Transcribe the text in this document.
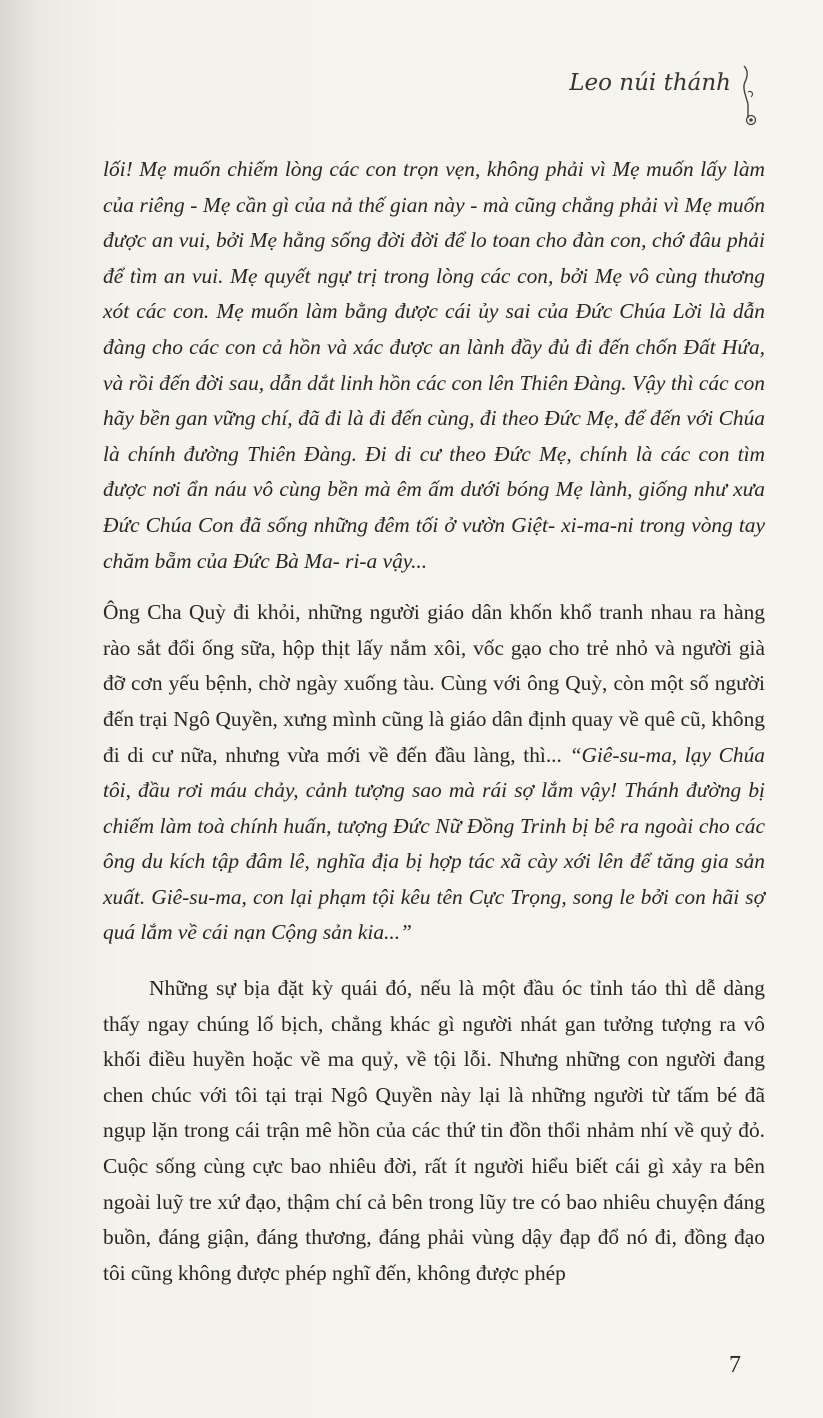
Leo núi thánh

lối! Mẹ muốn chiếm lòng các con trọn vẹn, không phải vì Mẹ muốn lấy làm của riêng - Mẹ cần gì của nả thế gian này - mà cũng chẳng phải vì Mẹ muốn được an vui, bởi Mẹ hằng sống đời đời để lo toan cho đàn con, chớ đâu phải để tìm an vui. Mẹ quyết ngự trị trong lòng các con, bởi Mẹ vô cùng thương xót các con. Mẹ muốn làm bằng được cái ủy sai của Đức Chúa Lời là dẫn đàng cho các con cả hồn và xác được an lành đầy đủ đi đến chốn Đất Hứa, và rồi đến đời sau, dẫn dắt linh hồn các con lên Thiên Đàng. Vậy thì các con hãy bền gan vững chí, đã đi là đi đến cùng, đi theo Đức Mẹ, để đến với Chúa là chính đường Thiên Đàng. Đi di cư theo Đức Mẹ, chính là các con tìm được nơi ẩn náu vô cùng bền mà êm ấm dưới bóng Mẹ lành, giống như xưa Đức Chúa Con đã sống những đêm tối ở vườn Giệt- xi-ma-ni trong vòng tay chăm bẵm của Đức Bà Ma- ri-a vậy...

Ông Cha Quỳ đi khỏi, những người giáo dân khốn khổ tranh nhau ra hàng rào sắt đổi ống sữa, hộp thịt lấy nắm xôi, vốc gạo cho trẻ nhỏ và người già đỡ cơn yếu bệnh, chờ ngày xuống tàu. Cùng với ông Quỳ, còn một số người đến trại Ngô Quyền, xưng mình cũng là giáo dân định quay về quê cũ, không đi di cư nữa, nhưng vừa mới về đến đầu làng, thì... “Giê-su-ma, lạy Chúa tôi, đầu rơi máu chảy, cảnh tượng sao mà rái sợ lắm vậy! Thánh đường bị chiếm làm toà chính huấn, tượng Đức Nữ Đồng Trinh bị bê ra ngoài cho các ông du kích tập đâm lê, nghĩa địa bị hợp tác xã cày xới lên để tăng gia sản xuất. Giê-su-ma, con lại phạm tội kêu tên Cực Trọng, song le bởi con hãi sợ quá lắm về cái nạn Cộng sản kia...”

Những sự bịa đặt kỳ quái đó, nếu là một đầu óc tỉnh táo thì dễ dàng thấy ngay chúng lố bịch, chẳng khác gì người nhát gan tưởng tượng ra vô khối điều huyền hoặc về ma quỷ, về tội lỗi. Nhưng những con người đang chen chúc với tôi tại trại Ngô Quyền này lại là những người từ tấm bé đã ngụp lặn trong cái trận mê hồn của các thứ tin đồn thổi nhảm nhí về quỷ đỏ. Cuộc sống cùng cực bao nhiêu đời, rất ít người hiểu biết cái gì xảy ra bên ngoài luỹ tre xứ đạo, thậm chí cả bên trong lũy tre có bao nhiêu chuyện đáng buồn, đáng giận, đáng thương, đáng phải vùng dậy đạp đổ nó đi, đồng đạo tôi cũng không được phép nghĩ đến, không được phép

7
